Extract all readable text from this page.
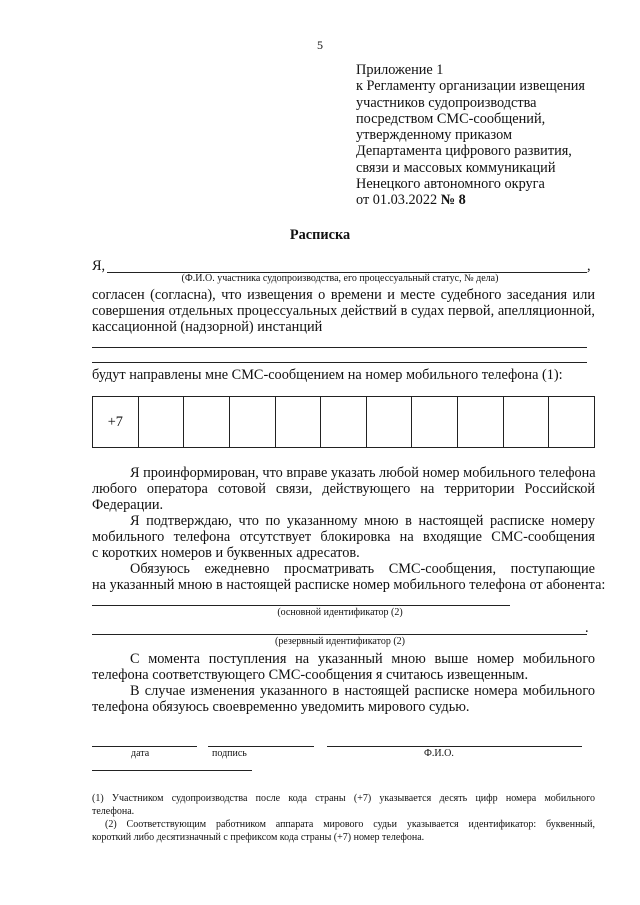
5
Приложение 1
к Регламенту организации извещения
участников судопроизводства
посредством СМС-сообщений,
утвержденному приказом
Департамента цифрового развития,
связи и массовых коммуникаций
Ненецкого автономного округа
от 01.03.2022 № 8
Расписка
Я,	,
(Ф.И.О. участника судопроизводства, его процессуальный статус, № дела)
согласен (согласна), что извещения о времени и месте судебного заседания или
совершения отдельных процессуальных действий в судах первой, апелляционной,
кассационной (надзорной) инстанций
будут направлены мне СМС-сообщением на номер мобильного телефона (1):
+7										
Я проинформирован, что вправе указать любой номер мобильного телефона
любого оператора сотовой связи, действующего на территории Российской
Федерации.
Я подтверждаю, что по указанному мною в настоящей расписке номеру
мобильного телефона отсутствует блокировка на входящие СМС-сообщения
с коротких номеров и буквенных адресатов.
Обязуюсь ежедневно просматривать СМС-сообщения, поступающие
на указанный мною в настоящей расписке номер мобильного телефона от абонента:
(основной идентификатор (2)
.
(резервный идентификатор (2)
С момента поступления на указанный мною выше номер мобильного
телефона соответствующего СМС-сообщения я считаюсь извещенным.
В случае изменения указанного в настоящей расписке номера мобильного
телефона обязуюсь своевременно уведомить мирового судью.
дата	подпись	Ф.И.О.
(1) Участником судопроизводства после кода страны (+7) указывается десять цифр номера мобильного
телефона.
(2) Соответствующим работником аппарата мирового судьи указывается идентификатор: буквенный,
короткий либо десятизначный с префиксом кода страны (+7) номер телефона.
